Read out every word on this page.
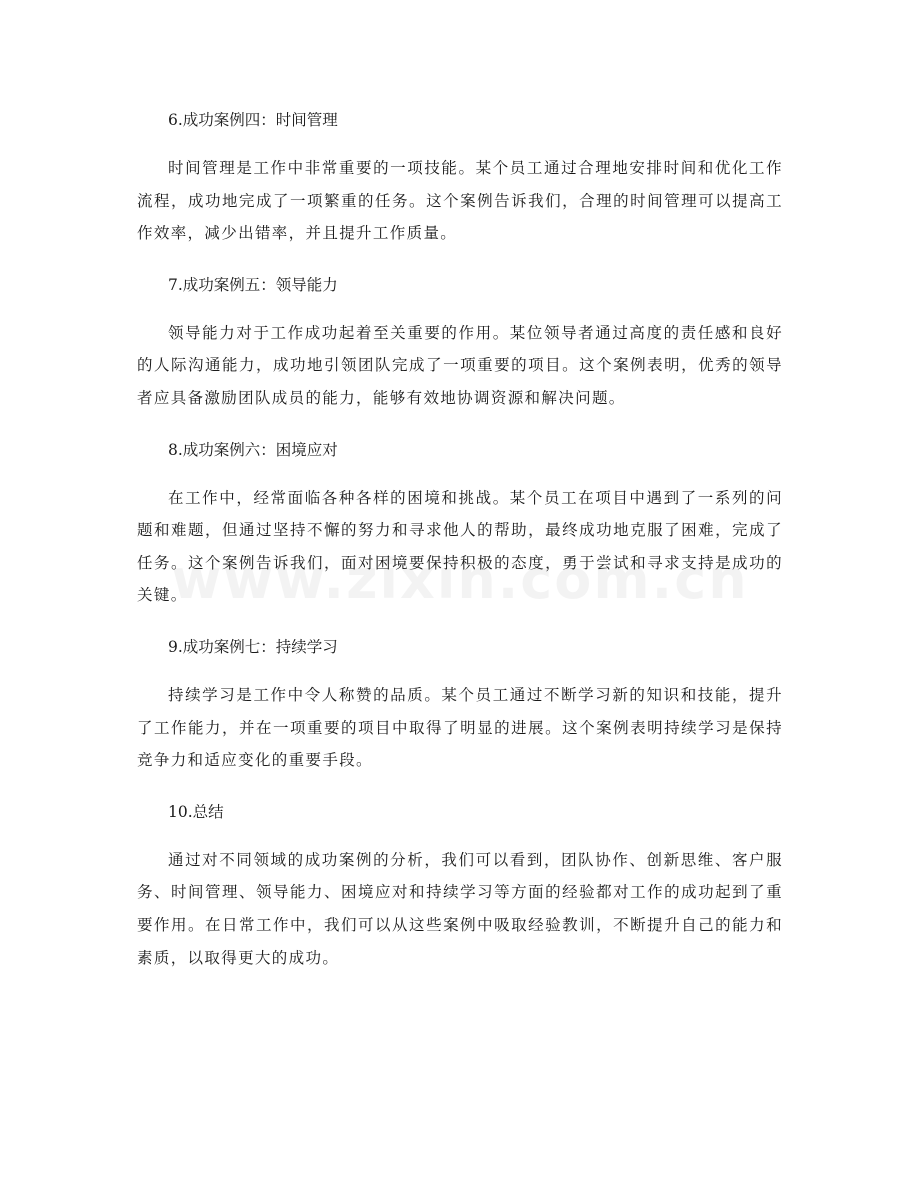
6.成功案例四：时间管理

时间管理是工作中非常重要的一项技能。某个员工通过合理地安排时间和优化工作流程，成功地完成了一项繁重的任务。这个案例告诉我们，合理的时间管理可以提高工作效率，减少出错率，并且提升工作质量。

7.成功案例五：领导能力

领导能力对于工作成功起着至关重要的作用。某位领导者通过高度的责任感和良好的人际沟通能力，成功地引领团队完成了一项重要的项目。这个案例表明，优秀的领导者应具备激励团队成员的能力，能够有效地协调资源和解决问题。

8.成功案例六：困境应对

在工作中，经常面临各种各样的困境和挑战。某个员工在项目中遇到了一系列的问题和难题，但通过坚持不懈的努力和寻求他人的帮助，最终成功地克服了困难，完成了任务。这个案例告诉我们，面对困境要保持积极的态度，勇于尝试和寻求支持是成功的关键。

9.成功案例七：持续学习

持续学习是工作中令人称赞的品质。某个员工通过不断学习新的知识和技能，提升了工作能力，并在一项重要的项目中取得了明显的进展。这个案例表明持续学习是保持竞争力和适应变化的重要手段。

10.总结

通过对不同领域的成功案例的分析，我们可以看到，团队协作、创新思维、客户服务、时间管理、领导能力、困境应对和持续学习等方面的经验都对工作的成功起到了重要作用。在日常工作中，我们可以从这些案例中吸取经验教训，不断提升自己的能力和素质，以取得更大的成功。
